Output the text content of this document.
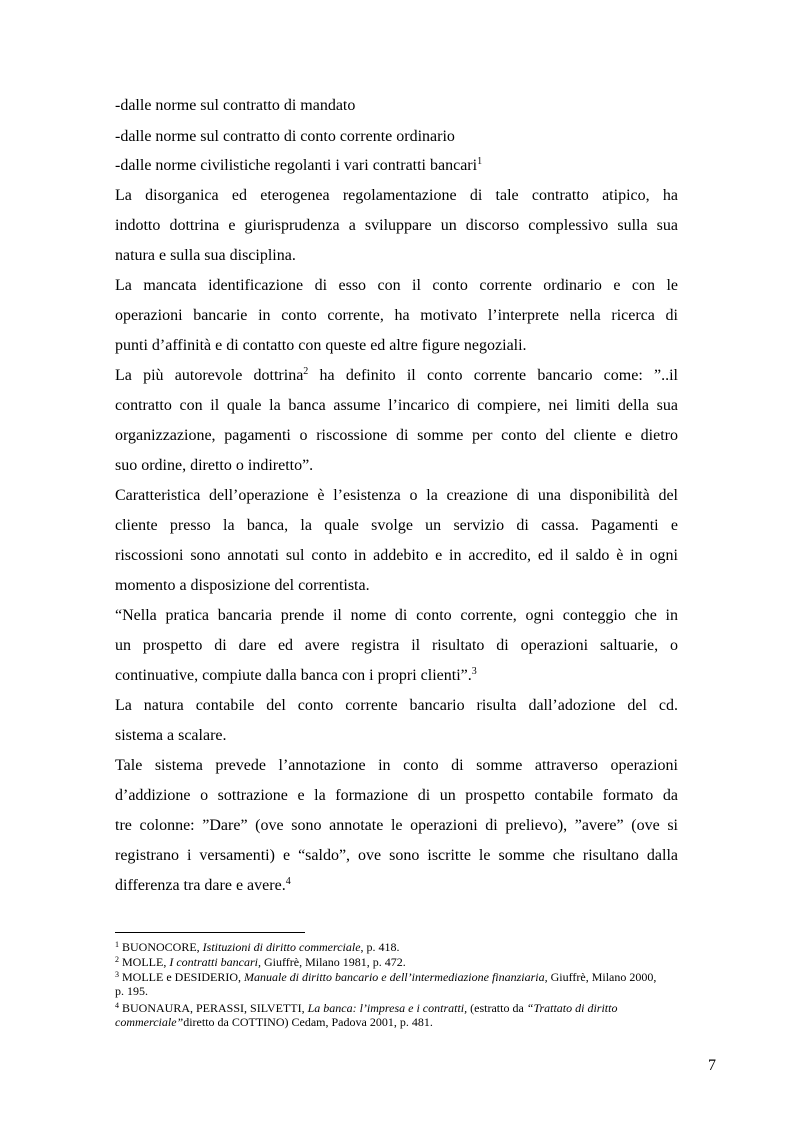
-dalle norme sul contratto di mandato
-dalle norme sul contratto di conto corrente ordinario
-dalle norme civilistiche regolanti i vari contratti bancari$^1$
La disorganica ed eterogenea regolamentazione di tale contratto atipico, ha
indotto dottrina e giurisprudenza a sviluppare un discorso complessivo sulla sua
natura e sulla sua disciplina.
La mancata identificazione di esso con il conto corrente ordinario e con le
operazioni bancarie in conto corrente, ha motivato l’interprete nella ricerca di
punti d’affinità e di contatto con queste ed altre figure negoziali.
La più autorevole dottrina$^2$ ha definito il conto corrente bancario come: ”..il
contratto con il quale la banca assume l’incarico di compiere, nei limiti della sua
organizzazione, pagamenti o riscossione di somme per conto del cliente e dietro
suo ordine, diretto o indiretto”.
Caratteristica dell’operazione è l’esistenza o la creazione di una disponibilità del
cliente presso la banca, la quale svolge un servizio di cassa. Pagamenti e
riscossioni sono annotati sul conto in addebito e in accredito, ed il saldo è in ogni
momento a disposizione del correntista.
“Nella pratica bancaria prende il nome di conto corrente, ogni conteggio che in
un prospetto di dare ed avere registra il risultato di operazioni saltuarie, o
continuative, compiute dalla banca con i propri clienti”.$^3$
La natura contabile del conto corrente bancario risulta dall’adozione del cd.
sistema a scalare.
Tale sistema prevede l’annotazione in conto di somme attraverso operazioni
d’addizione o sottrazione e la formazione di un prospetto contabile formato da
tre colonne: ”Dare” (ove sono annotate le operazioni di prelievo), ”avere” (ove si
registrano i versamenti) e “saldo”, ove sono iscritte le somme che risultano dalla
differenza tra dare e avere.$^4$
$^1$ BUONOCORE, Istituzioni di diritto commerciale, p. 418.
$^2$ MOLLE, I contratti bancari, Giuffrè, Milano 1981, p. 472.
$^3$ MOLLE e DESIDERIO, Manuale di diritto bancario e dell’intermediazione finanziaria, Giuffrè, Milano 2000,
p. 195.
$^4$ BUONAURA, PERASSI, SILVETTI, La banca: l’impresa e i contratti, (estratto da “Trattato di diritto
commerciale”diretto da COTTINO) Cedam, Padova 2001, p. 481.
7
